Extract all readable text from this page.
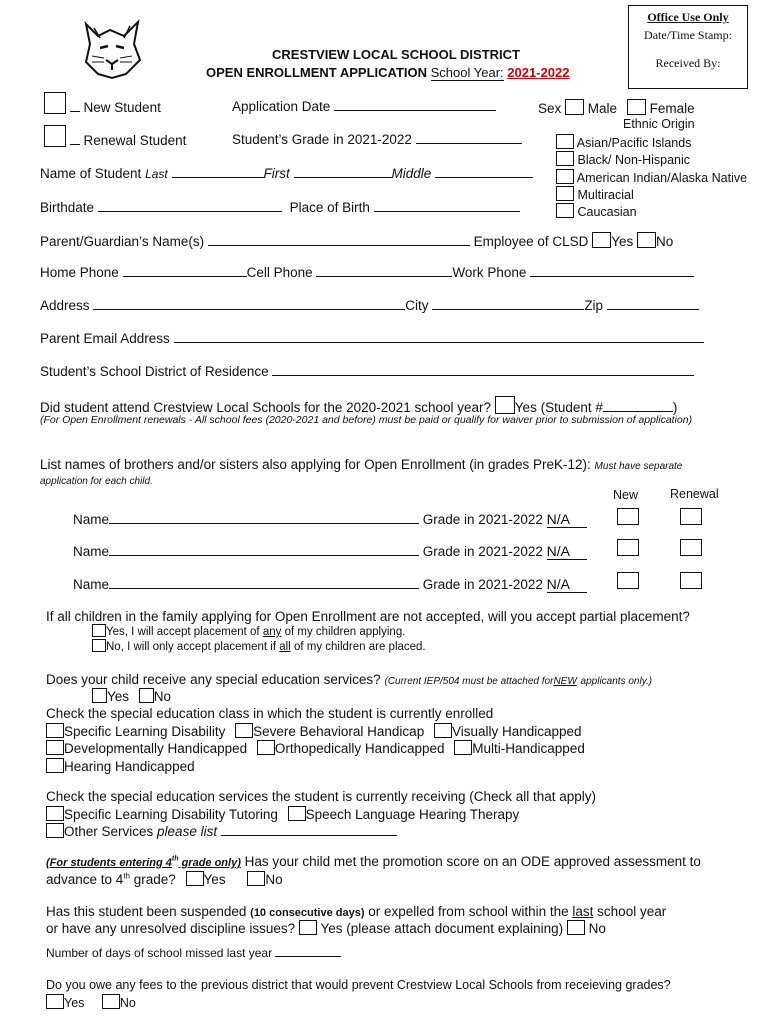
CRESTVIEW LOCAL SCHOOL DISTRICT
OPEN ENROLLMENT APPLICATION School Year: 2021-2022
Office Use Only
Date/Time Stamp:
Received By:
New Student
Renewal Student
Application Date
Student’s Grade in 2021-2022
Sex Male Female
Ethnic Origin
Asian/Pacific Islands
Black/ Non-Hispanic
American Indian/Alaska Native
Multiracial
Caucasian
Name of Student Last	First	Middle
Birthdate	Place of Birth
Parent/Guardian’s Name(s)	Employee of CLSD Yes No
Home Phone	Cell Phone	Work Phone
Address	City	Zip
Parent Email Address
Student’s School District of Residence
Did student attend Crestview Local Schools for the 2020-2021 school year? Yes (Student #	)
(For Open Enrollment renewals - All school fees (2020-2021 and before) must be paid or qualify for waiver prior to submission of application)
List names of brothers and/or sisters also applying for Open Enrollment (in grades PreK-12): Must have separate application for each child.
New	Renewal
Name	Grade in 2021-2022 N/A
Name	Grade in 2021-2022 N/A
Name	Grade in 2021-2022 N/A
If all children in the family applying for Open Enrollment are not accepted, will you accept partial placement?
Yes, I will accept placement of any of my children applying.
No, I will only accept placement if all of my children are placed.
Does your child receive any special education services? (Current IEP/504 must be attached forNEW applicants only.)
Yes No
Check the special education class in which the student is currently enrolled
Specific Learning Disability Severe Behavioral Handicap Visually Handicapped
Developmentally Handicapped Orthopedically Handicapped Multi-Handicapped
Hearing Handicapped
Check the special education services the student is currently receiving (Check all that apply)
Specific Learning Disability Tutoring Speech Language Hearing Therapy
Other Services please list
(For students entering 4th grade only) Has your child met the promotion score on an ODE approved assessment to
advance to 4th grade? Yes	No
Has this student been suspended (10 consecutive days) or expelled from school within the last school year
or have any unresolved discipline issues? Yes (please attach document explaining) No
Number of days of school missed last year
Do you owe any fees to the previous district that would prevent Crestview Local Schools from receieving grades?
Yes	No
